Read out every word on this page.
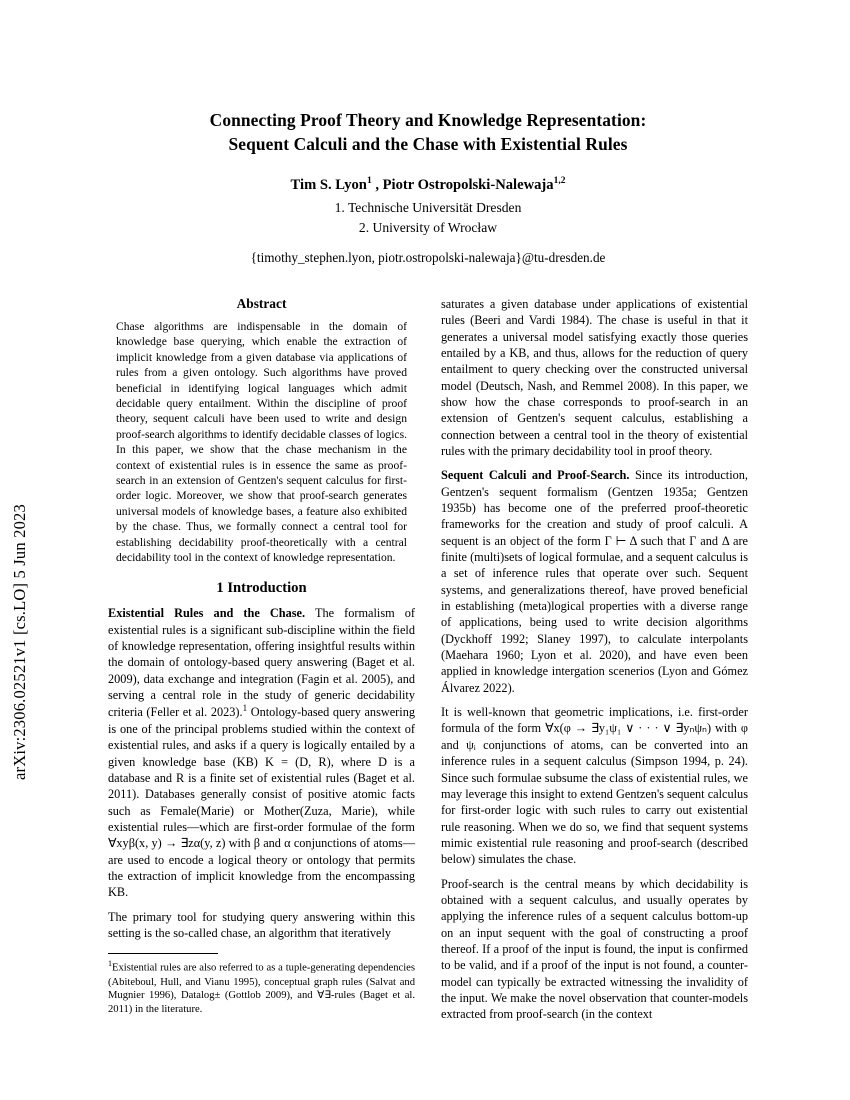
arXiv:2306.02521v1 [cs.LO] 5 Jun 2023
Connecting Proof Theory and Knowledge Representation:
Sequent Calculi and the Chase with Existential Rules
Tim S. Lyon$^1$ , Piotr Ostropolski-Nalewaja$^{1,2}$
1. Technische Universität Dresden
2. University of Wrocław
{timothy_stephen.lyon, piotr.ostropolski-nalewaja}@tu-dresden.de
Abstract

Chase algorithms are indispensable in the domain of knowledge base querying, which enable the extraction of implicit knowledge from a given database via applications of rules from a given ontology. Such algorithms have proved beneficial in identifying logical languages which admit decidable query entailment. Within the discipline of proof theory, sequent calculi have been used to write and design proof-search algorithms to identify decidable classes of logics. In this paper, we show that the chase mechanism in the context of existential rules is in essence the same as proof-search in an extension of Gentzen's sequent calculus for first-order logic. Moreover, we show that proof-search generates universal models of knowledge bases, a feature also exhibited by the chase. Thus, we formally connect a central tool for establishing decidability proof-theoretically with a central decidability tool in the context of knowledge representation.

1 Introduction

Existential Rules and the Chase. The formalism of existential rules is a significant sub-discipline within the field of knowledge representation, offering insightful results within the domain of ontology-based query answering (Baget et al. 2009), data exchange and integration (Fagin et al. 2005), and serving a central role in the study of generic decidability criteria (Feller et al. 2023).$^1$ Ontology-based query answering is one of the principal problems studied within the context of existential rules, and asks if a query is logically entailed by a given knowledge base (KB) K = (D, R), where D is a database and R is a finite set of existential rules (Baget et al. 2011). Databases generally consist of positive atomic facts such as Female(Marie) or Mother(Zuza, Marie), while existential rules—which are first-order formulae of the form ∀xyβ(x, y) → ∃zα(y, z) with β and α conjunctions of atoms—are used to encode a logical theory or ontology that permits the extraction of implicit knowledge from the encompassing KB.

The primary tool for studying query answering within this setting is the so-called chase, an algorithm that iteratively

$^1$Existential rules are also referred to as a tuple-generating dependencies (Abiteboul, Hull, and Vianu 1995), conceptual graph rules (Salvat and Mugnier 1996), Datalog± (Gottlob 2009), and ∀∃-rules (Baget et al. 2011) in the literature.

saturates a given database under applications of existential rules (Beeri and Vardi 1984). The chase is useful in that it generates a universal model satisfying exactly those queries entailed by a KB, and thus, allows for the reduction of query entailment to query checking over the constructed universal model (Deutsch, Nash, and Remmel 2008). In this paper, we show how the chase corresponds to proof-search in an extension of Gentzen's sequent calculus, establishing a connection between a central tool in the theory of existential rules with the primary decidability tool in proof theory.

Sequent Calculi and Proof-Search. Since its introduction, Gentzen's sequent formalism (Gentzen 1935a; Gentzen 1935b) has become one of the preferred proof-theoretic frameworks for the creation and study of proof calculi. A sequent is an object of the form Γ ⊢ Δ such that Γ and Δ are finite (multi)sets of logical formulae, and a sequent calculus is a set of inference rules that operate over such. Sequent systems, and generalizations thereof, have proved beneficial in establishing (meta)logical properties with a diverse range of applications, being used to write decision algorithms (Dyckhoff 1992; Slaney 1997), to calculate interpolants (Maehara 1960; Lyon et al. 2020), and have even been applied in knowledge intergation scenerios (Lyon and Gómez Álvarez 2022).

It is well-known that geometric implications, i.e. first-order formula of the form ∀x(φ → ∃y₁ψ₁ ∨ · · · ∨ ∃yₙψₙ) with φ and ψᵢ conjunctions of atoms, can be converted into an inference rules in a sequent calculus (Simpson 1994, p. 24). Since such formulae subsume the class of existential rules, we may leverage this insight to extend Gentzen's sequent calculus for first-order logic with such rules to carry out existential rule reasoning. When we do so, we find that sequent systems mimic existential rule reasoning and proof-search (described below) simulates the chase.

Proof-search is the central means by which decidability is obtained with a sequent calculus, and usually operates by applying the inference rules of a sequent calculus bottom-up on an input sequent with the goal of constructing a proof thereof. If a proof of the input is found, the input is confirmed to be valid, and if a proof of the input is not found, a counter-model can typically be extracted witnessing the invalidity of the input. We make the novel observation that counter-models extracted from proof-search (in the context
